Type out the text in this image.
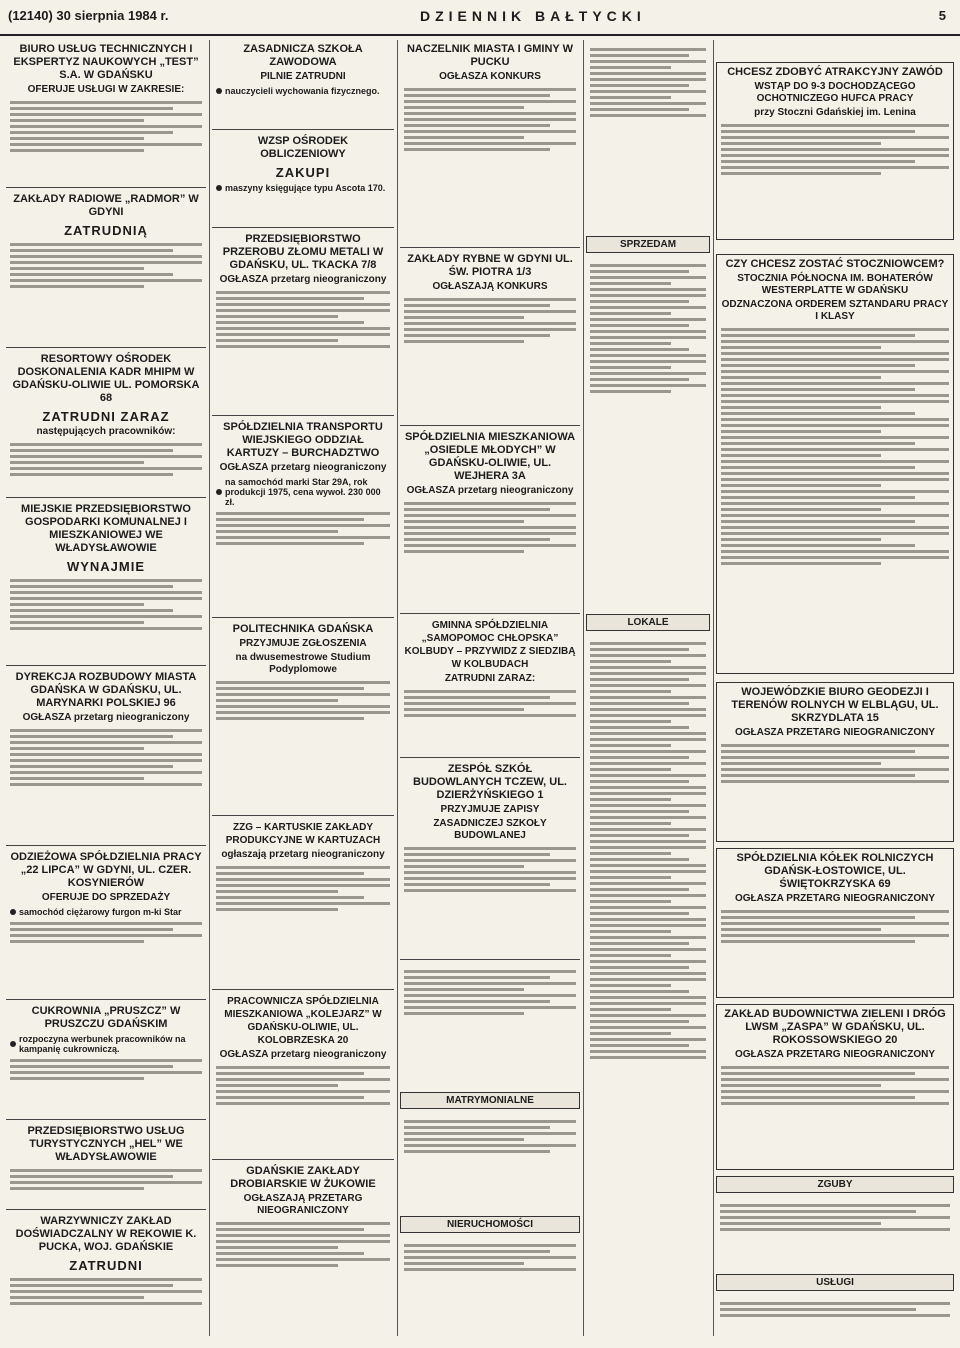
(12140) 30 sierpnia 1984 r.	DZIENNIK BAŁTYCKI	5
BIURO USŁUG TECHNICZNYCH I EKSPERTYZ NAUKOWYCH „TEST” S.A. W GDAŃSKU
OFERUJE USŁUGI W ZAKRESIE:
ZAKŁADY RADIOWE „RADMOR” W GDYNI
ZATRUDNIĄ
RESORTOWY OŚRODEK DOSKONALENIA KADR MHIPM W GDAŃSKU-OLIWIE UL. POMORSKA 68
ZATRUDNI ZARAZ
następujących pracowników:
MIEJSKIE PRZEDSIĘBIORSTWO GOSPODARKI KOMUNALNEJ I MIESZKANIOWEJ WE WŁADYSŁAWOWIE
WYNAJMIE
DYREKCJA ROZBUDOWY MIASTA GDAŃSKA W GDAŃSKU, UL. MARYNARKI POLSKIEJ 96
OGŁASZA przetarg nieograniczony
ODZIEŻOWA SPÓŁDZIELNIA PRACY „22 LIPCA” W GDYNI, UL. CZER. KOSYNIERÓW
OFERUJE DO SPRZEDAŻY
samochód ciężarowy furgon m-ki Star
CUKROWNIA „PRUSZCZ” W PRUSZCZU GDAŃSKIM
rozpoczyna werbunek pracowników na kampanię cukrowniczą.
PRZEDSIĘBIORSTWO USŁUG TURYSTYCZNYCH „HEL” WE WŁADYSŁAWOWIE
WARZYWNICZY ZAKŁAD DOŚWIADCZALNY W REKOWIE K. PUCKA, WOJ. GDAŃSKIE
ZATRUDNI
ZASADNICZA SZKOŁA ZAWODOWA
PILNIE ZATRUDNI
nauczycieli wychowania fizycznego.
WZSP OŚRODEK OBLICZENIOWY
ZAKUPI
maszyny księgujące typu Ascota 170.
PRZEDSIĘBIORSTWO PRZEROBU ZŁOMU METALI W GDAŃSKU, UL. TKACKA 7/8
OGŁASZA przetarg nieograniczony
SPÓŁDZIELNIA TRANSPORTU WIEJSKIEGO ODDZIAŁ KARTUZY – BURCHADZTWO
OGŁASZA przetarg nieograniczony
na samochód marki Star 29A, rok produkcji 1975, cena wywoł. 230 000 zł.
POLITECHNIKA GDAŃSKA
PRZYJMUJE ZGŁOSZENIA
na dwusemestrowe Studium Podyplomowe
ZZG – KARTUSKIE ZAKŁADY PRODUKCYJNE W KARTUZACH
ogłaszają przetarg nieograniczony
PRACOWNICZA SPÓŁDZIELNIA MIESZKANIOWA „KOLEJARZ” W GDAŃSKU-OLIWIE, UL. KOLOBRZESKA 20
OGŁASZA przetarg nieograniczony
GDAŃSKIE ZAKŁADY DROBIARSKIE W ŻUKOWIE
OGŁASZAJĄ PRZETARG NIEOGRANICZONY
NACZELNIK MIASTA I GMINY W PUCKU
OGŁASZA KONKURS
ZAKŁADY RYBNE W GDYNI UL. ŚW. PIOTRA 1/3
OGŁASZAJĄ KONKURS
SPÓŁDZIELNIA MIESZKANIOWA „OSIEDLE MŁODYCH” W GDAŃSKU-OLIWIE, UL. WEJHERA 3A
OGŁASZA przetarg nieograniczony
GMINNA SPÓŁDZIELNIA „SAMOPOMOC CHŁOPSKA” KOLBUDY – PRZYWIDZ Z SIEDZIBĄ W KOLBUDACH
ZATRUDNI ZARAZ:
ZESPÓŁ SZKÓŁ BUDOWLANYCH TCZEW, UL. DZIERŻYŃSKIEGO 1
PRZYJMUJE ZAPISY
ZASADNICZEJ SZKOŁY BUDOWLANEJ
MATRYMONIALNE
NIERUCHOMOŚCI
SPRZEDAM
LOKALE
CHCESZ ZDOBYĆ ATRAKCYJNY ZAWÓD
WSTĄP DO 9-3 DOCHODZĄCEGO OCHOTNICZEGO HUFCA PRACY
przy Stoczni Gdańskiej im. Lenina
CZY CHCESZ ZOSTAĆ STOCZNIOWCEM?
STOCZNIA PÓŁNOCNA IM. BOHATERÓW WESTERPLATTE W GDAŃSKU
ODZNACZONA ORDEREM SZTANDARU PRACY I KLASY
WOJEWÓDZKIE BIURO GEODEZJI I TERENÓW ROLNYCH W ELBLĄGU, UL. SKRZYDLATA 15
OGŁASZA PRZETARG NIEOGRANICZONY
SPÓŁDZIELNIA KÓŁEK ROLNICZYCH GDAŃSK-ŁOSTOWICE, UL. ŚWIĘTOKRZYSKA 69
OGŁASZA PRZETARG NIEOGRANICZONY
ZAKŁAD BUDOWNICTWA ZIELENI I DRÓG LWSM „ZASPA” W GDAŃSKU, UL. ROKOSSOWSKIEGO 20
OGŁASZA PRZETARG NIEOGRANICZONY
ZGUBY
USŁUGI
